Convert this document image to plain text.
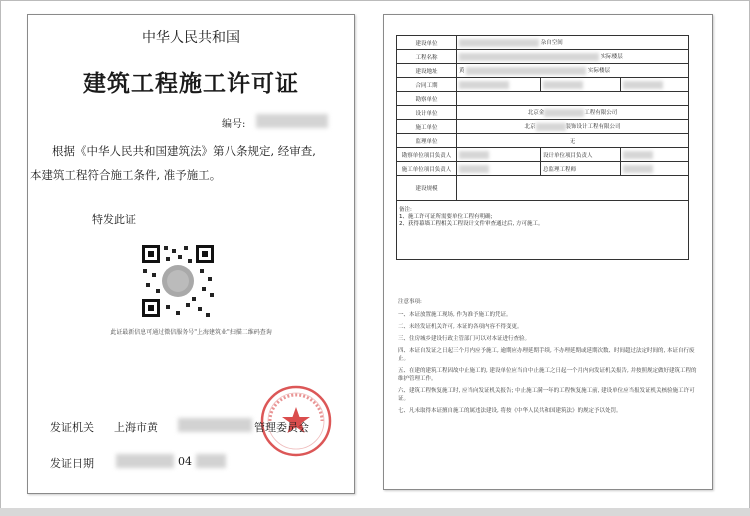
中华人民共和国
建筑工程施工许可证
编号:
根据《中华人民共和国建筑法》第八条规定, 经审查,
本建筑工程符合施工条件, 准予施工。
特发此证
此证最新信息可通过微信服务号"上海建筑业"扫描二维码查询
发证机关 上海市黄	管理委员会
发证日期	04
建设单位	杂自空间		
工程名称	实际楼层		
建设地址	黄 实际楼层		
合同工期			
勘察单位			
设计单位	北京金 工程有限公司		
施工单位	北京 装饰设计工程有限公司		
监理单位	无		
勘察单位项目负责人		设计单位项目负责人	
施工单位项目负责人		总监理工程师	
建设规模			

备注:
1、施工许可证所需要单位工程有明确;
2、获得幕墙工程相关工程设计文件审查通过后, 方可施工。			
注意事项:
一、本证放置施工现场, 作为准予施工的凭证。
二、未经发证机关许可, 本证的各项内容不得变更。
三、住房城乡建设行政主管部门可以对本证进行查验。
四、本证自发证之日起三个月内应予施工, 逾期应办理延期手续, 不办理延期或延期次数、时间超过法定时间的, 本证自行废止。
五、在建的建筑工程因故中止施工的, 建设单位应当自中止施工之日起一个月内向发证机关报告, 并按照规定做好建筑工程的维护管理工作。
六、建筑工程恢复施工时, 应当向发证机关报告; 中止施工满一年的工程恢复施工前, 建设单位应当报发证机关核验施工许可证。
七、凡未取得本证擅自施工的属违法建设, 将按《中华人民共和国建筑法》的规定予以处罚。
